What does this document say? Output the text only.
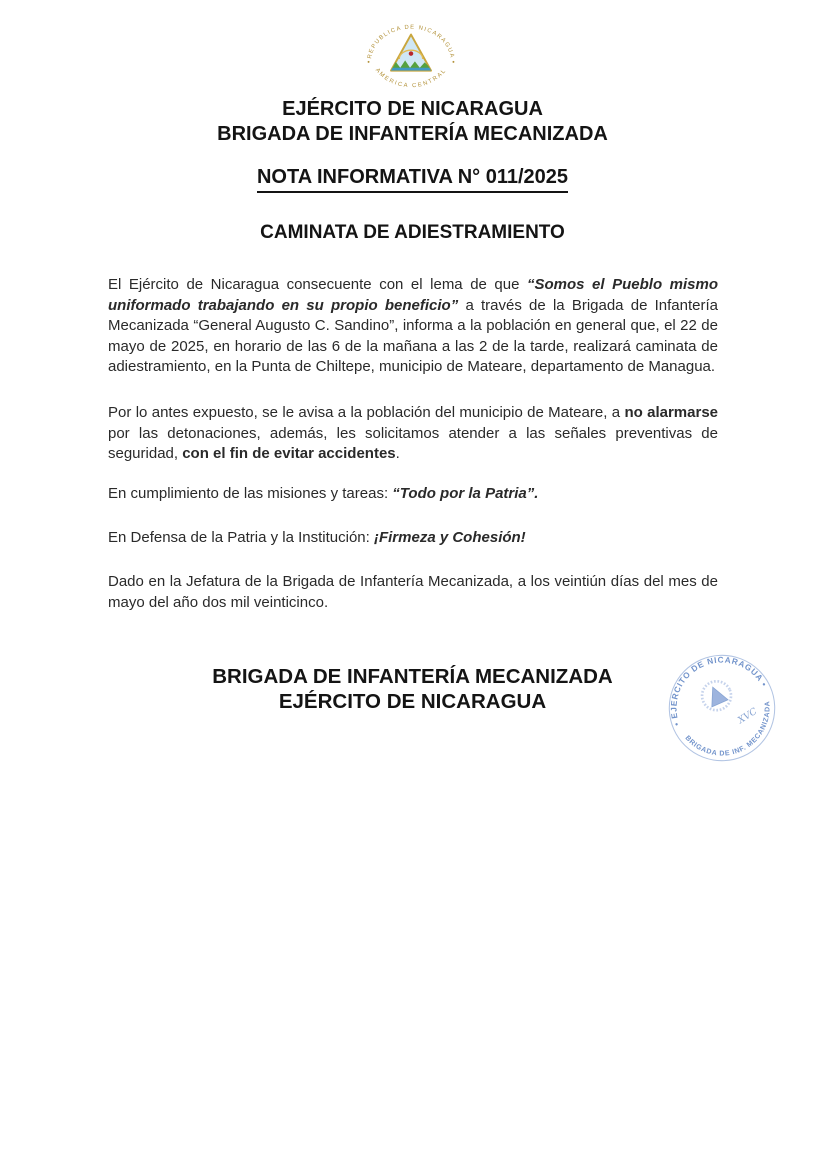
REPUBLICA DE NICARAGUA
AMERICA CENTRAL
EJÉRCITO DE NICARAGUA
BRIGADA DE INFANTERÍA MECANIZADA
NOTA INFORMATIVA N° 011/2025
CAMINATA DE ADIESTRAMIENTO

El Ejército de Nicaragua consecuente con el lema de que “Somos el Pueblo mismo uniformado trabajando en su propio beneficio” a través de la Brigada de Infantería Mecanizada “General Augusto C. Sandino”, informa a la población en general que, el 22 de mayo de 2025, en horario de las 6 de la mañana a las 2 de la tarde, realizará caminata de adiestramiento, en la Punta de Chiltepe, municipio de Mateare, departamento de Managua.

Por lo antes expuesto, se le avisa a la población del municipio de Mateare, a no alarmarse por las detonaciones, además, les solicitamos atender a las señales preventivas de seguridad, con el fin de evitar accidentes.

En cumplimiento de las misiones y tareas: “Todo por la Patria”.

En Defensa de la Patria y la Institución: ¡Firmeza y Cohesión!

Dado en la Jefatura de la Brigada de Infantería Mecanizada, a los veintiún días del mes de mayo del año dos mil veinticinco.

BRIGADA DE INFANTERÍA MECANIZADA
EJÉRCITO DE NICARAGUA
• EJERCITO DE NICARAGUA •
BRIGADA DE INF. MECANIZADA
XVC
